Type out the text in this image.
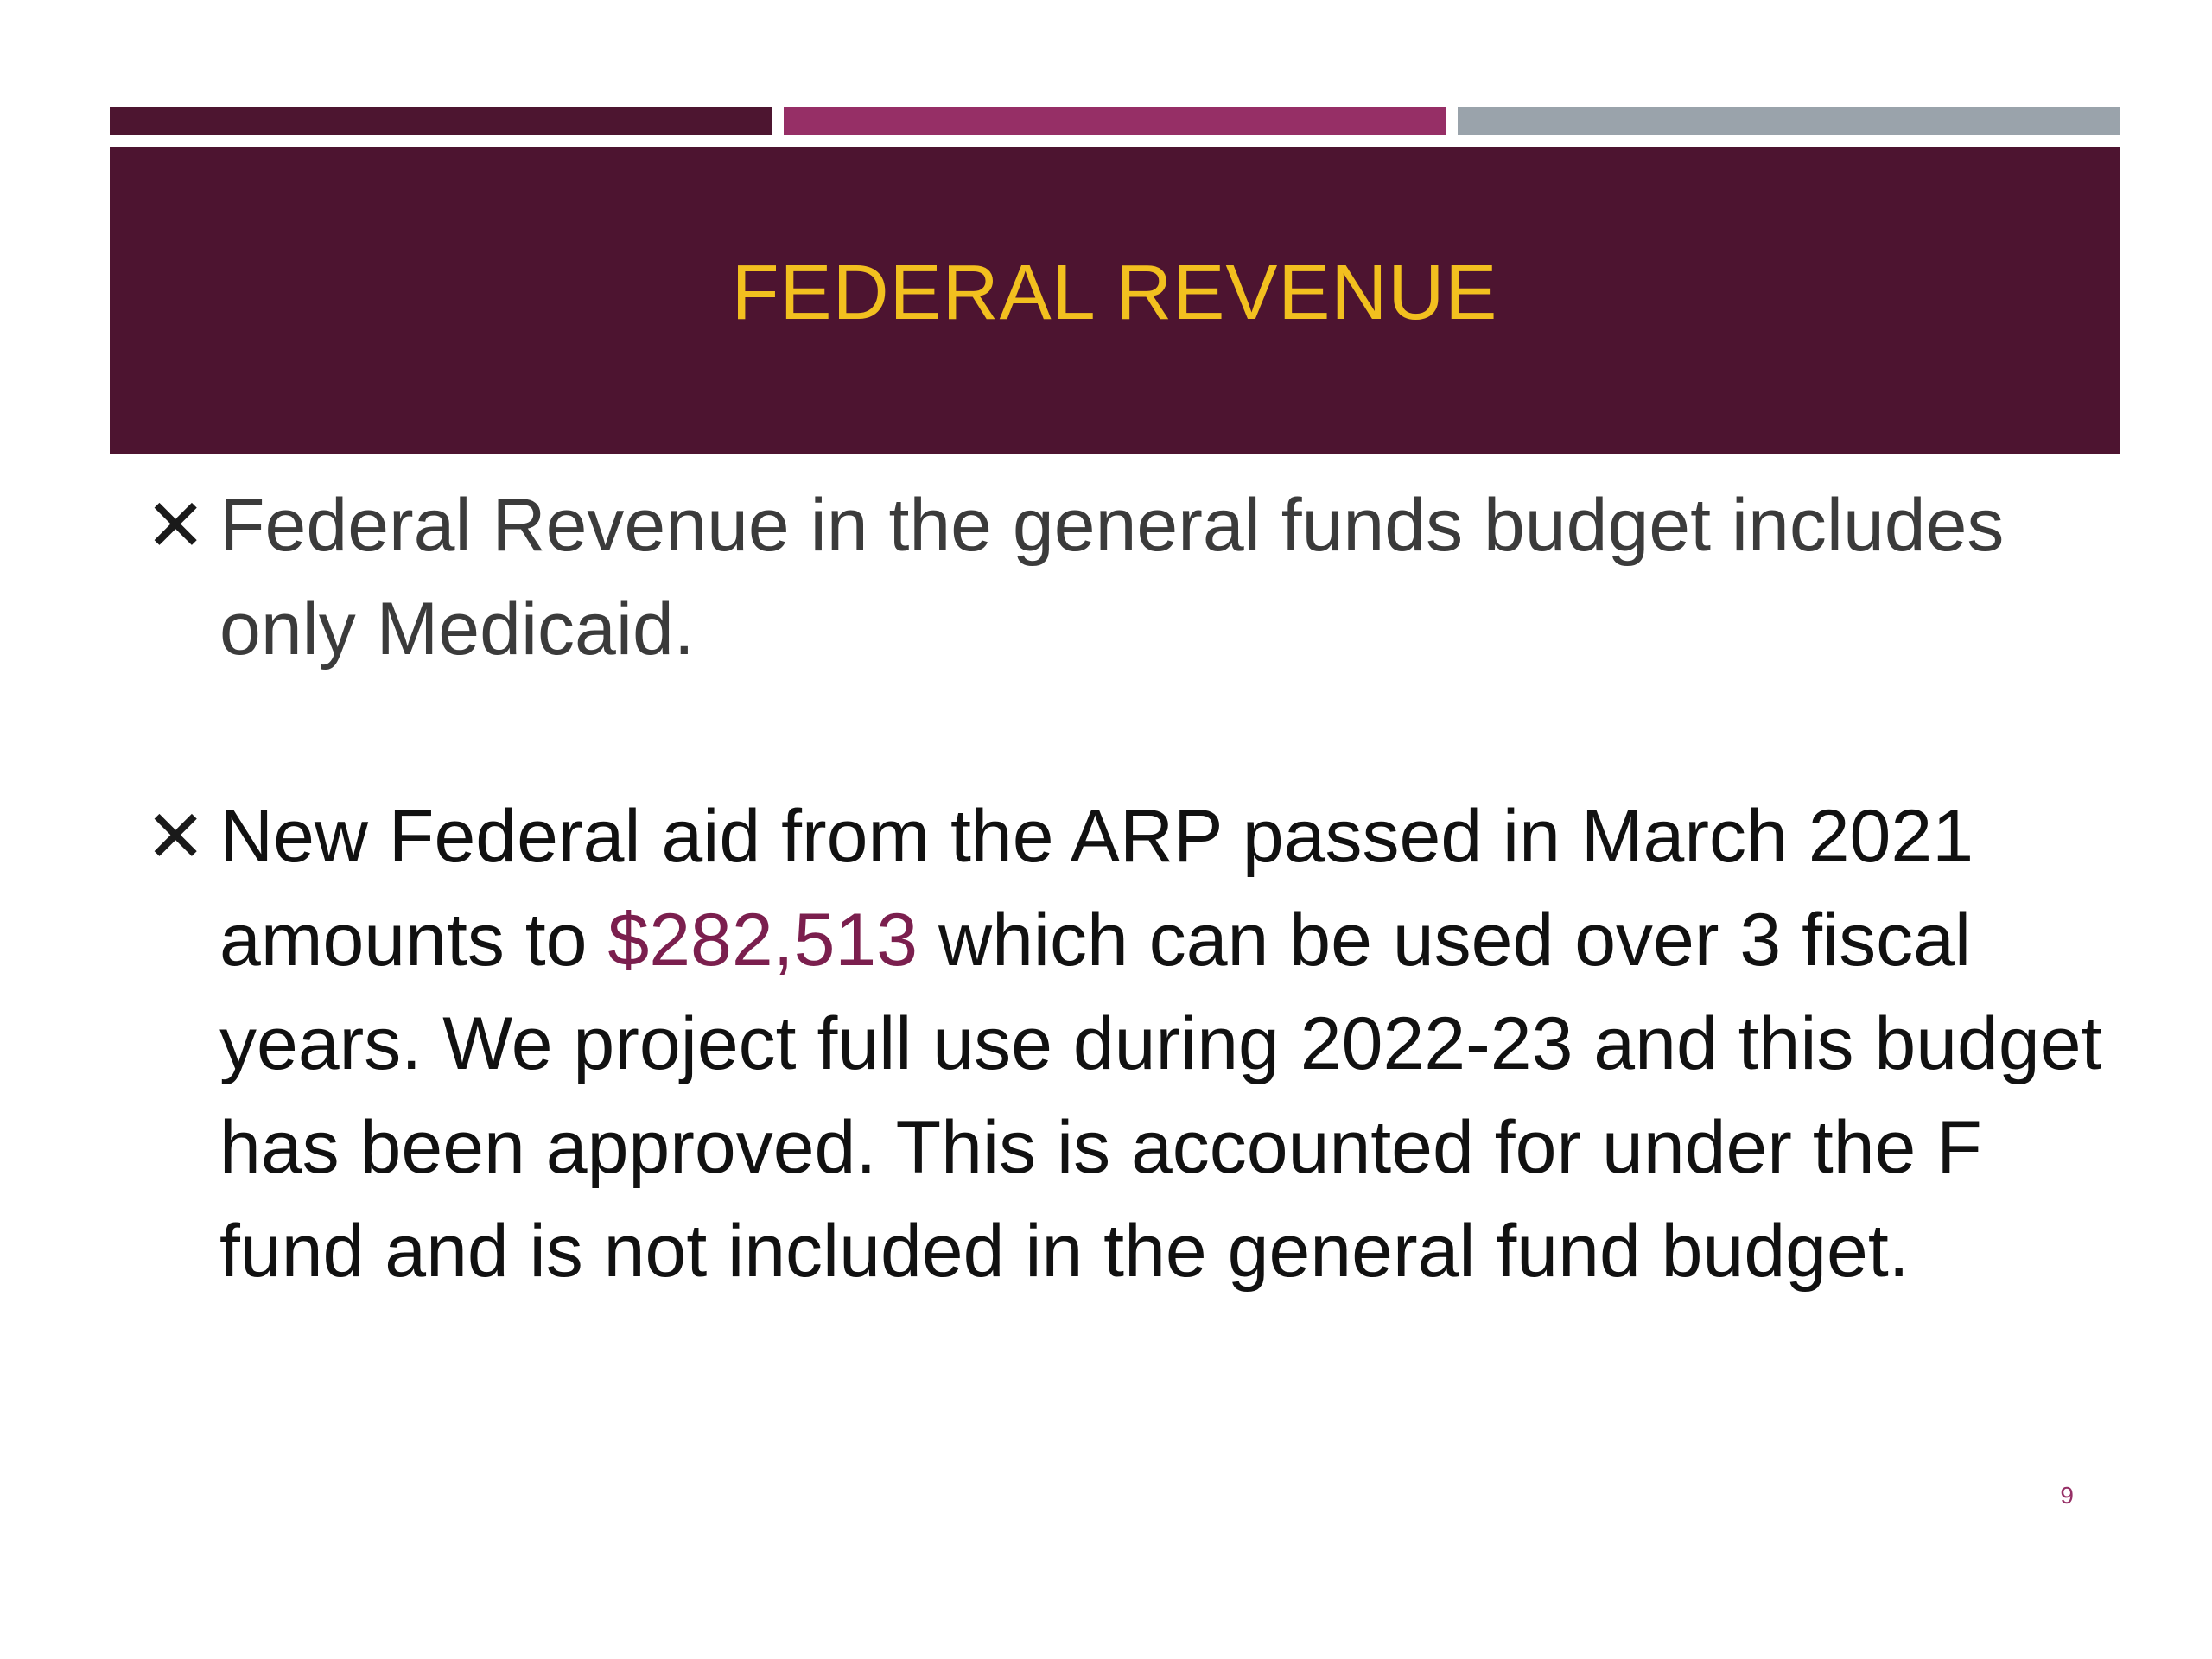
FEDERAL REVENUE
✕ Federal Revenue in the general funds budget includes only Medicaid.
✕ New Federal aid from the ARP passed in March 2021 amounts to $282,513 which can be used over 3 fiscal years. We project full use during 2022-23 and this budget has been approved. This is accounted for under the F fund and is not included in the general fund budget.
9
